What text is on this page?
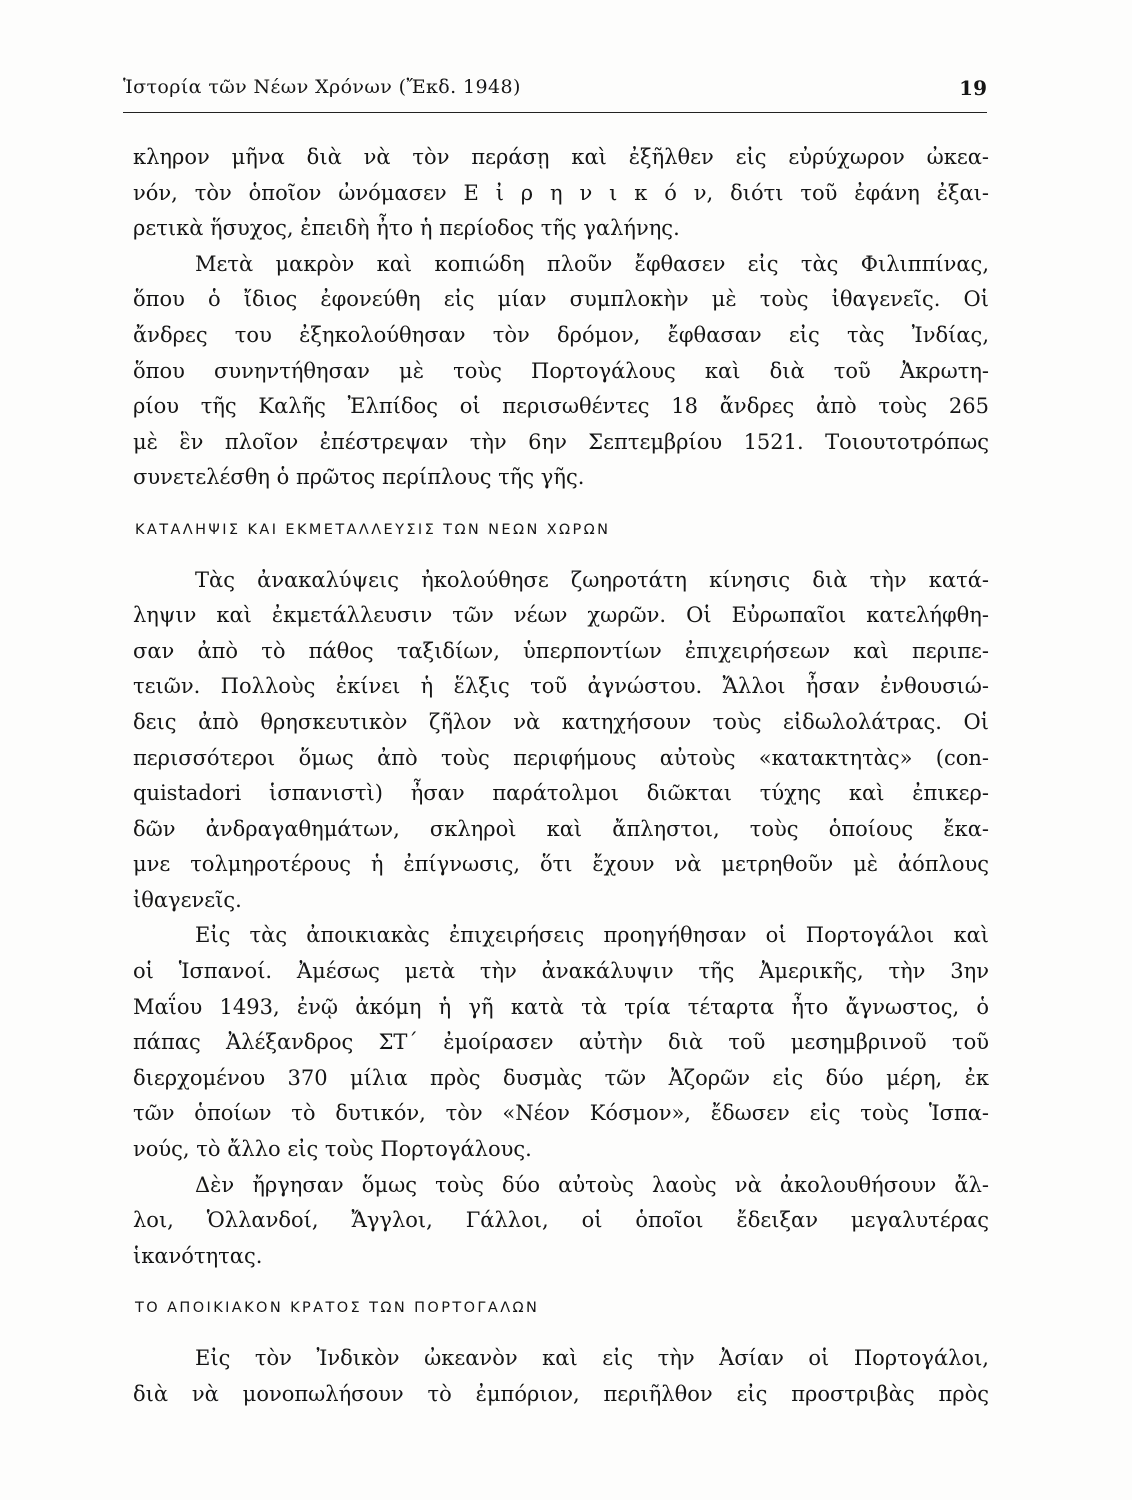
Ἱστορία τῶν Νέων Χρόνων (Ἔκδ. 1948)	19
κληρον μῆνα διὰ νὰ τὸν περάσῃ καὶ ἐξῆλθεν εἰς εὐρύχωρον ὠκεα-
νόν, τὸν ὁποῖον ὠνόμασεν Ε ἰ ρ η ν ι κ ό ν, διότι τοῦ ἐφάνη ἐξαι-
ρετικὰ ἥσυχος, ἐπειδὴ ἦτο ἡ περίοδος τῆς γαλήνης.
Μετὰ μακρὸν καὶ κοπιώδη πλοῦν ἔφθασεν εἰς τὰς Φιλιππίνας,
ὅπου ὁ ἴδιος ἐφονεύθη εἰς μίαν συμπλοκὴν μὲ τοὺς ἰθαγενεῖς. Οἱ
ἄνδρες του ἐξηκολούθησαν τὸν δρόμον, ἔφθασαν εἰς τὰς Ἰνδίας,
ὅπου συνηντήθησαν μὲ τοὺς Πορτογάλους καὶ διὰ τοῦ Ἀκρωτη-
ρίου τῆς Καλῆς Ἐλπίδος οἱ περισωθέντες 18 ἄνδρες ἀπὸ τοὺς 265
μὲ ἓν πλοῖον ἐπέστρεψαν τὴν 6ην Σεπτεμβρίου 1521. Τοιουτοτρόπως
συνετελέσθη ὁ πρῶτος περίπλους τῆς γῆς.
ΚΑΤΑΛΗΨΙΣ ΚΑΙ ΕΚΜΕΤΑΛΛΕΥΣΙΣ ΤΩΝ ΝΕΩΝ ΧΩΡΩΝ
Τὰς ἀνακαλύψεις ἠκολούθησε ζωηροτάτη κίνησις διὰ τὴν κατά-
ληψιν καὶ ἐκμετάλλευσιν τῶν νέων χωρῶν. Οἱ Εὐρωπαῖοι κατελήφθη-
σαν ἀπὸ τὸ πάθος ταξιδίων, ὑπερποντίων ἐπιχειρήσεων καὶ περιπε-
τειῶν. Πολλοὺς ἐκίνει ἡ ἕλξις τοῦ ἀγνώστου. Ἄλλοι ἦσαν ἐνθουσιώ-
δεις ἀπὸ θρησκευτικὸν ζῆλον νὰ κατηχήσουν τοὺς εἰδωλολάτρας. Οἱ
περισσότεροι ὅμως ἀπὸ τοὺς περιφήμους αὐτοὺς «κατακτητὰς» (con-
quistadori ἱσπανιστὶ) ἦσαν παράτολμοι διῶκται τύχης καὶ ἐπικερ-
δῶν ἀνδραγαθημάτων, σκληροὶ καὶ ἄπληστοι, τοὺς ὁποίους ἔκα-
μνε τολμηροτέρους ἡ ἐπίγνωσις, ὅτι ἔχουν νὰ μετρηθοῦν μὲ ἀόπλους
ἰθαγενεῖς.
Εἰς τὰς ἀποικιακὰς ἐπιχειρήσεις προηγήθησαν οἱ Πορτογάλοι καὶ
οἱ Ἱσπανοί. Ἀμέσως μετὰ τὴν ἀνακάλυψιν τῆς Ἀμερικῆς, τὴν 3ην
Μαΐου 1493, ἐνῷ ἀκόμη ἡ γῆ κατὰ τὰ τρία τέταρτα ἦτο ἄγνωστος, ὁ
πάπας Ἀλέξανδρος ΣΤ΄ ἐμοίρασεν αὐτὴν διὰ τοῦ μεσημβρινοῦ τοῦ
διερχομένου 370 μίλια πρὸς δυσμὰς τῶν Ἀζορῶν εἰς δύο μέρη, ἐκ
τῶν ὁποίων τὸ δυτικόν, τὸν «Νέον Κόσμον», ἔδωσεν εἰς τοὺς Ἱσπα-
νούς, τὸ ἄλλο εἰς τοὺς Πορτογάλους.
Δὲν ἤργησαν ὅμως τοὺς δύο αὐτοὺς λαοὺς νὰ ἀκολουθήσουν ἄλ-
λοι, Ὁλλανδοί, Ἄγγλοι, Γάλλοι, οἱ ὁποῖοι ἔδειξαν μεγαλυτέρας
ἱκανότητας.
ΤΟ ΑΠΟΙΚΙΑΚΟΝ ΚΡΑΤΟΣ ΤΩΝ ΠΟΡΤΟΓΑΛΩΝ
Εἰς τὸν Ἰνδικὸν ὠκεανὸν καὶ εἰς τὴν Ἀσίαν οἱ Πορτογάλοι,
διὰ νὰ μονοπωλήσουν τὸ ἐμπόριον, περιῆλθον εἰς προστριβὰς πρὸς
